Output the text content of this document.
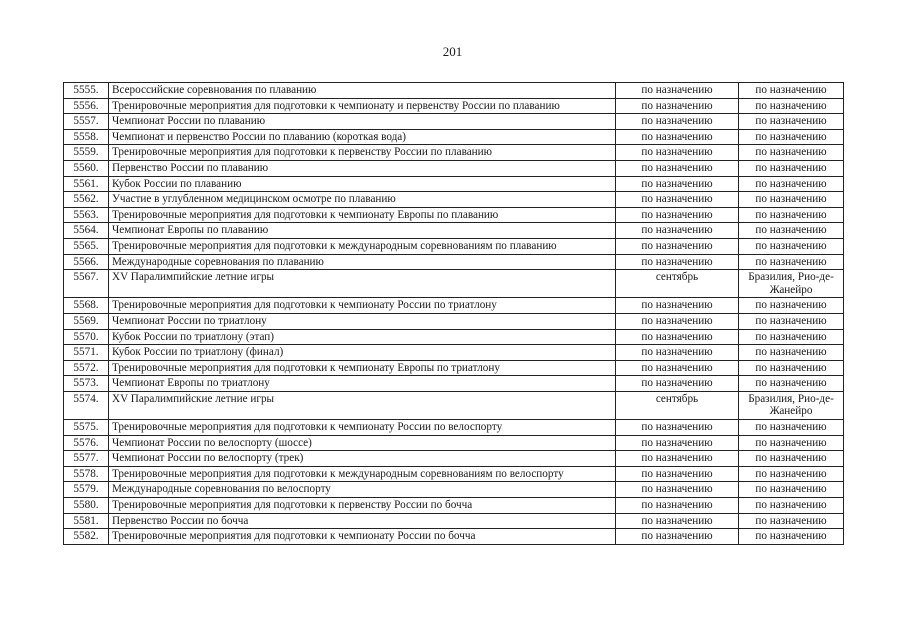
201
5555.	Всероссийские соревнования по плаванию	по назначению	по назначению
5556.	Тренировочные мероприятия для подготовки к чемпионату и первенству России по плаванию	по назначению	по назначению
5557.	Чемпионат России по плаванию	по назначению	по назначению
5558.	Чемпионат и первенство России по плаванию (короткая вода)	по назначению	по назначению
5559.	Тренировочные мероприятия для подготовки к первенству России по плаванию	по назначению	по назначению
5560.	Первенство России по плаванию	по назначению	по назначению
5561.	Кубок России по плаванию	по назначению	по назначению
5562.	Участие в углубленном медицинском осмотре по плаванию	по назначению	по назначению
5563.	Тренировочные мероприятия для подготовки к чемпионату Европы по плаванию	по назначению	по назначению
5564.	Чемпионат Европы по плаванию	по назначению	по назначению
5565.	Тренировочные мероприятия для подготовки к международным соревнованиям по плаванию	по назначению	по назначению
5566.	Международные соревнования по плаванию	по назначению	по назначению
5567.	XV Паралимпийские летние игры	сентябрь	Бразилия, Рио-де-Жанейро
5568.	Тренировочные мероприятия для подготовки к чемпионату России по триатлону	по назначению	по назначению
5569.	Чемпионат России по триатлону	по назначению	по назначению
5570.	Кубок России по триатлону (этап)	по назначению	по назначению
5571.	Кубок России по триатлону (финал)	по назначению	по назначению
5572.	Тренировочные мероприятия для подготовки к чемпионату Европы по триатлону	по назначению	по назначению
5573.	Чемпионат Европы по триатлону	по назначению	по назначению
5574.	XV Паралимпийские летние игры	сентябрь	Бразилия, Рио-де-Жанейро
5575.	Тренировочные мероприятия для подготовки к чемпионату России по велоспорту	по назначению	по назначению
5576.	Чемпионат России по велоспорту (шоссе)	по назначению	по назначению
5577.	Чемпионат России по велоспорту (трек)	по назначению	по назначению
5578.	Тренировочные мероприятия для подготовки к международным соревнованиям по велоспорту	по назначению	по назначению
5579.	Международные соревнования по велоспорту	по назначению	по назначению
5580.	Тренировочные мероприятия для подготовки к первенству России по бочча	по назначению	по назначению
5581.	Первенство России по бочча	по назначению	по назначению
5582.	Тренировочные мероприятия для подготовки к чемпионату России по бочча	по назначению	по назначению
